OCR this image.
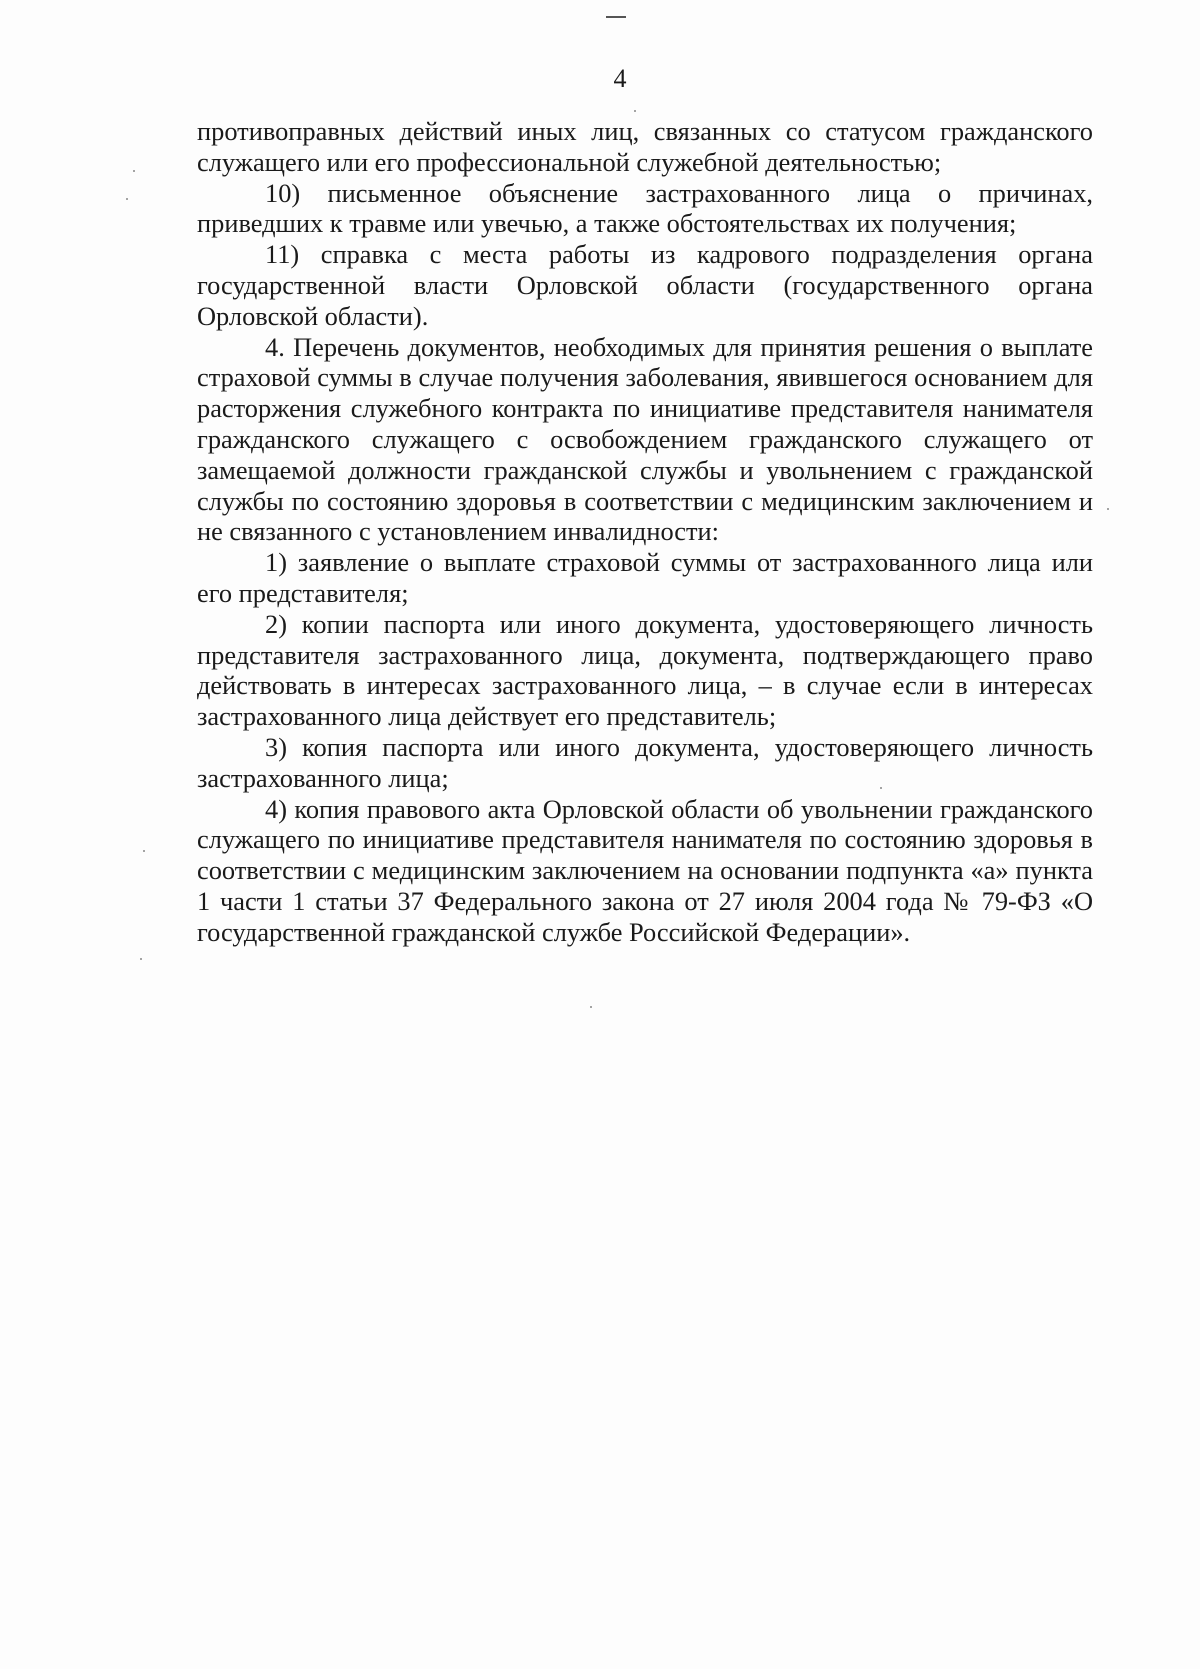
4

противоправных действий иных лиц, связанных со статусом гражданского служащего или его профессиональной служебной деятельностью;

10) письменное объяснение застрахованного лица о причинах, приведших к травме или увечью, а также обстоятельствах их получения;

11) справка с места работы из кадрового подразделения органа государственной власти Орловской области (государственного органа Орловской области).

4. Перечень документов, необходимых для принятия решения о выплате страховой суммы в случае получения заболевания, явившегося основанием для расторжения служебного контракта по инициативе представителя нанимателя гражданского служащего с освобождением гражданского служащего от замещаемой должности гражданской службы и увольнением с гражданской службы по состоянию здоровья в соответствии с медицинским заключением и не связанного с установлением инвалидности:

1) заявление о выплате страховой суммы от застрахованного лица или его представителя;

2) копии паспорта или иного документа, удостоверяющего личность представителя застрахованного лица, документа, подтверждающего право действовать в интересах застрахованного лица, – в случае если в интересах застрахованного лица действует его представитель;

3) копия паспорта или иного документа, удостоверяющего личность застрахованного лица;

4) копия правового акта Орловской области об увольнении гражданского служащего по инициативе представителя нанимателя по состоянию здоровья в соответствии с медицинским заключением на основании подпункта «а» пункта 1 части 1 статьи 37 Федерального закона от 27 июля 2004 года № 79-ФЗ «О государственной гражданской службе Российской Федерации».
